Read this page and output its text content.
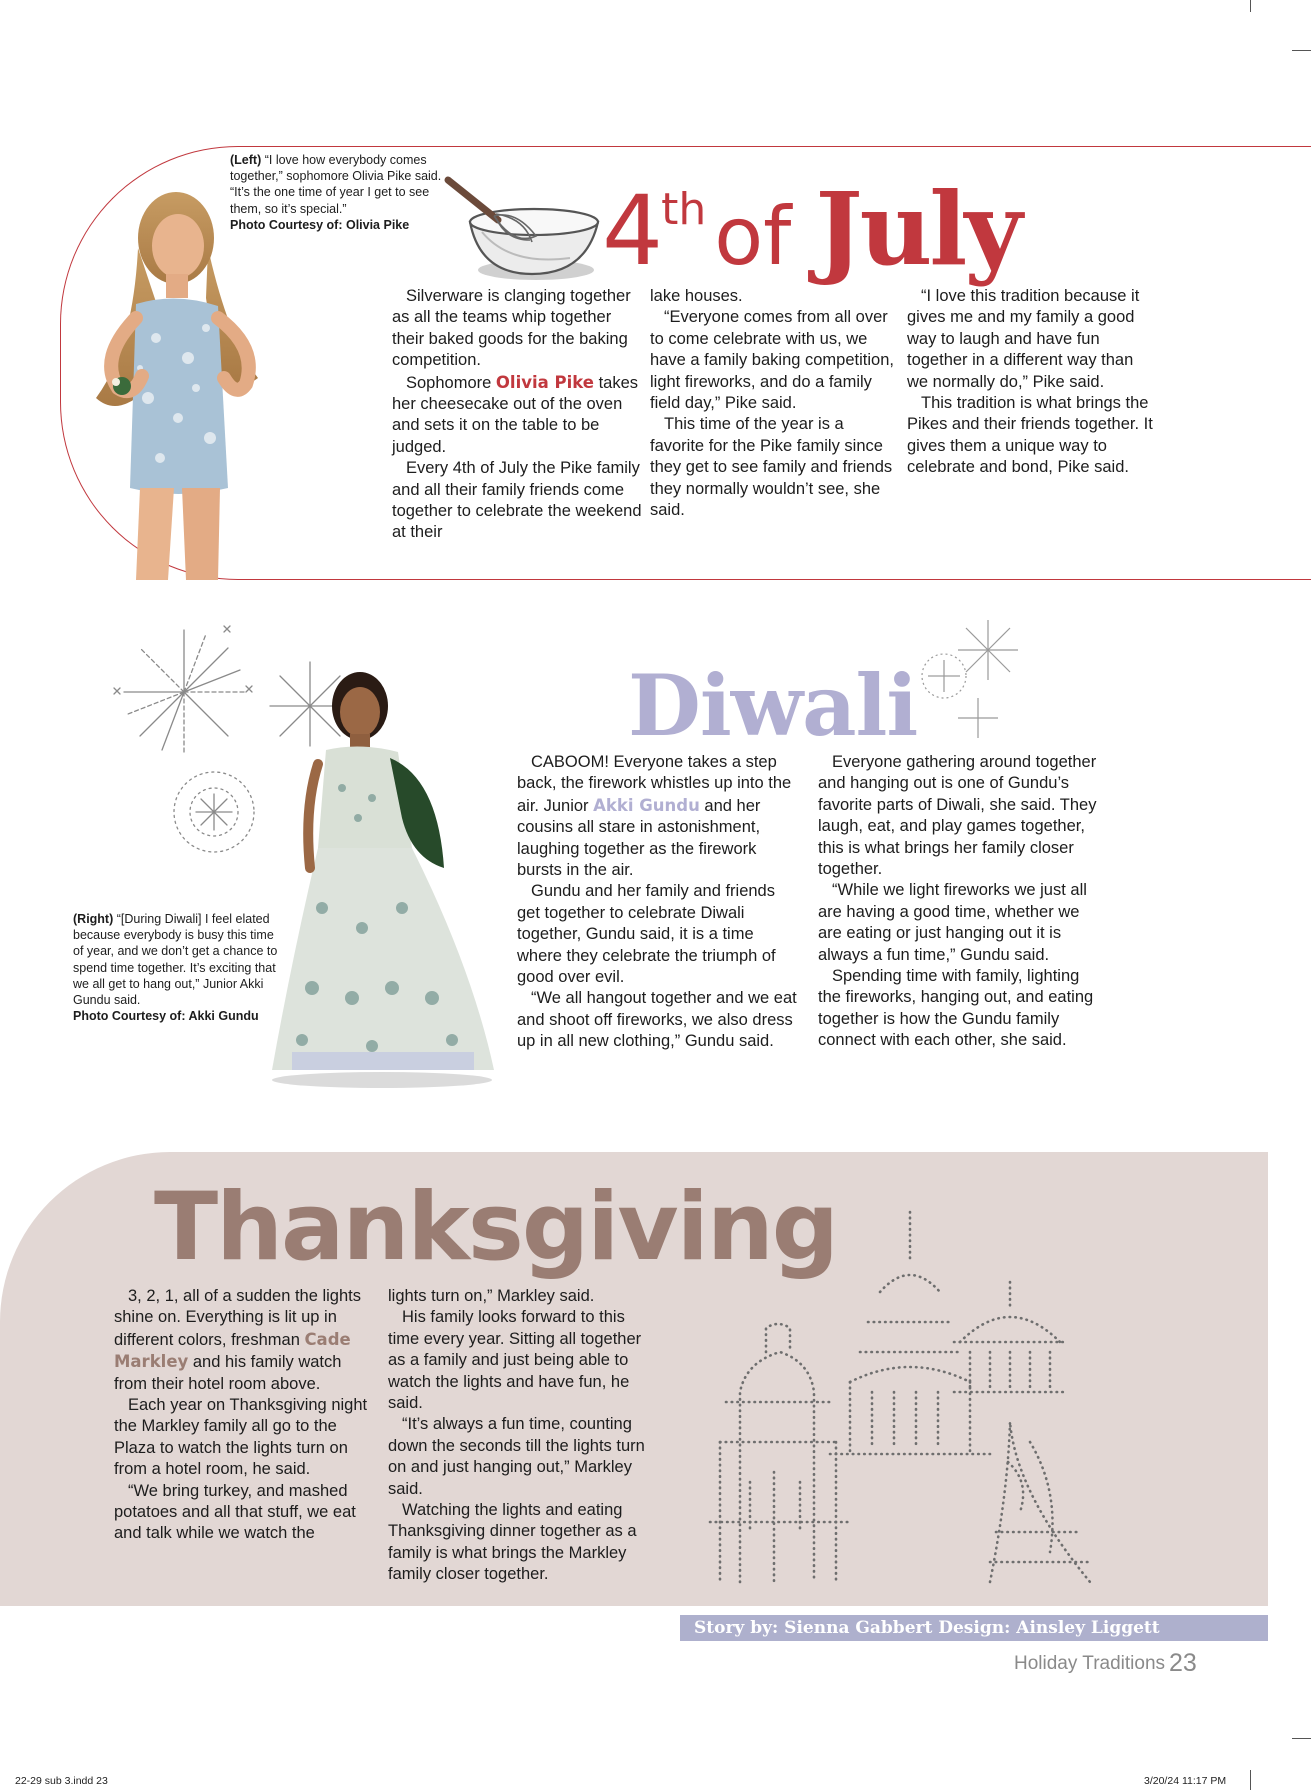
(Left) “I love how everybody comes together,” sophomore Olivia Pike said. “It’s the one time of year I get to see them, so it’s special.”
Photo Courtesy of: Olivia Pike	4th of July

Silverware is clanging together as all the teams whip together their baked goods for the baking competition.

Sophomore Olivia Pike takes her cheesecake out of the oven and sets it on the table to be judged.

Every 4th of July the Pike family and all their family friends come together to celebrate the weekend at their

lake houses.

“Everyone comes from all over to come celebrate with us, we have a family baking competition, light fireworks, and do a family field day,” Pike said.

This time of the year is a favorite for the Pike family since they get to see family and friends they normally wouldn’t see, she said.

“I love this tradition because it gives me and my family a good way to laugh and have fun together in a different way than we normally do,” Pike said.

This tradition is what brings the Pikes and their friends together. It gives them a unique way to celebrate and bond, Pike said.

(Right) “[During Diwali] I feel elated because everybody is busy this time of year, and we don’t get a chance to spend time together. It’s exciting that we all get to hang out,” Junior Akki Gundu said.
Photo Courtesy of: Akki Gundu
Diwali

CABOOM! Everyone takes a step back, the firework whistles up into the air. Junior Akki Gundu and her cousins all stare in astonishment, laughing together as the firework bursts in the air.

Gundu and her family and friends get together to celebrate Diwali together, Gundu said, it is a time where they celebrate the triumph of good over evil.

“We all hangout together and we eat and shoot off fireworks, we also dress up in all new clothing,” Gundu said.

Everyone gathering around together and hanging out is one of Gundu’s favorite parts of Diwali, she said. They laugh, eat, and play games together, this is what brings her family closer together.

“While we light fireworks we just all are having a good time, whether we are eating or just hanging out it is always a fun time,” Gundu said.

Spending time with family, lighting the fireworks, hanging out, and eating together is how the Gundu family connect with each other, she said.

Thanksgiving

3, 2, 1, all of a sudden the lights shine on. Everything is lit up in different colors, freshman Cade Markley and his family watch from their hotel room above.

Each year on Thanksgiving night the Markley family all go to the Plaza to watch the lights turn on from a hotel room, he said.

“We bring turkey, and mashed potatoes and all that stuff, we eat and talk while we watch the

lights turn on,” Markley said.

His family looks forward to this time every year. Sitting all together as a family and just being able to watch the lights and have fun, he said.

“It’s always a fun time, counting down the seconds till the lights turn on and just hanging out,” Markley said.

Watching the lights and eating Thanksgiving dinner together as a family is what brings the Markley family closer together.

Story by: Sienna Gabbert Design: Ainsley Liggett
Holiday Traditions 23
22-29 sub 3.indd 23	3/20/24 11:17 PM
